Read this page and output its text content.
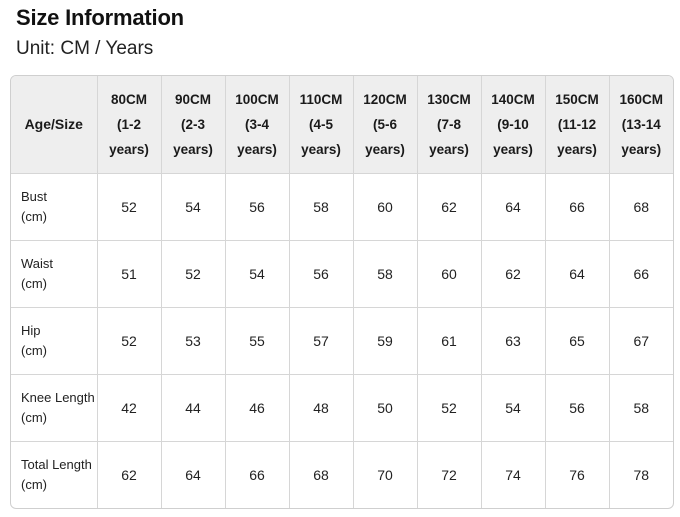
Size Information
Unit: CM / Years
Age/Size	80CM
(1-2
years)	90CM
(2-3
years)	100CM
(3-4
years)	110CM
(4-5
years)	120CM
(5-6
years)	130CM
(7-8
years)	140CM
(9-10
years)	150CM
(11-12
years)	160CM
(13-14
years)

Bust
(cm)	52	54	56	58	60	62	64	66	68

Waist
(cm)	51	52	54	56	58	60	62	64	66

Hip
(cm)	52	53	55	57	59	61	63	65	67

Knee Length
(cm)	42	44	46	48	50	52	54	56	58

Total Length
(cm)	62	64	66	68	70	72	74	76	78
